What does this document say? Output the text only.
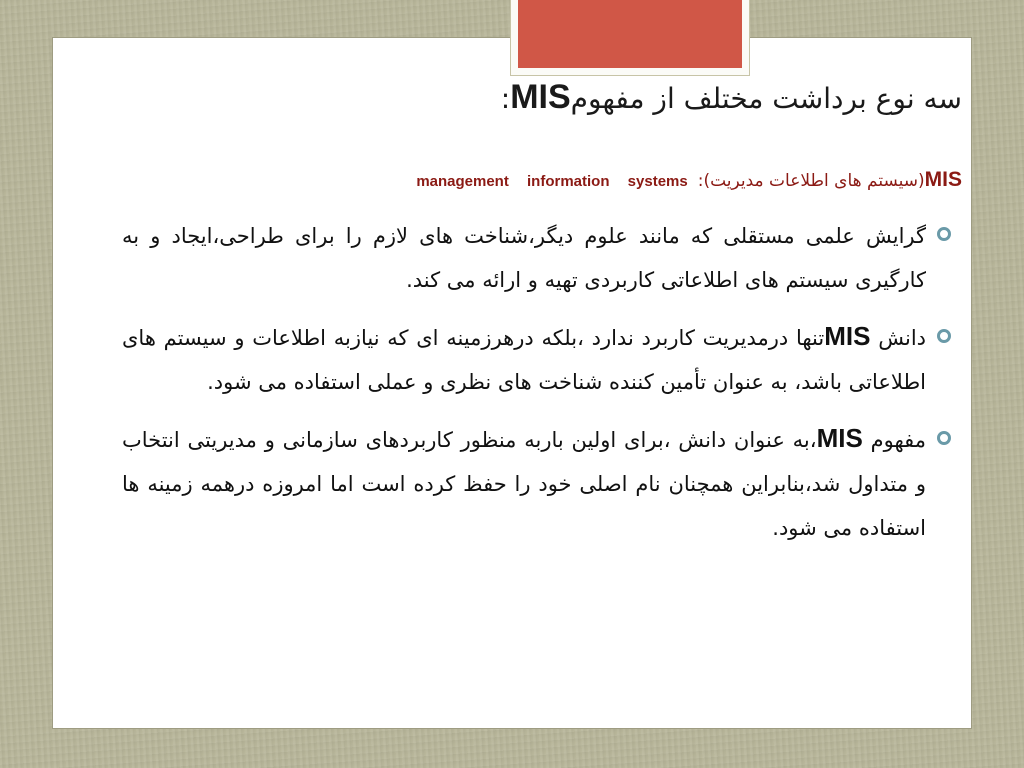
سه نوع برداشت مختلف از مفهومMIS:

MIS(سیستم های اطلاعات مدیریت):management information systems

گرایش علمی مستقلی که مانند علوم دیگر،شناخت های لازم را برای طراحی،ایجاد و به کارگیری سیستم های اطلاعاتی کاربردی تهیه و ارائه می کند.
دانش MISتنها درمدیریت کاربرد ندارد ،بلکه درهرزمینه ای که نیازبه اطلاعات و سیستم های اطلاعاتی باشد، به عنوان تأمین کننده شناخت های نظری و عملی استفاده می شود.
مفهوم MIS،به عنوان دانش ،برای اولین باربه منظور کاربردهای سازمانی و مدیریتی انتخاب و متداول شد،بنابراین همچنان نام اصلی خود را حفظ کرده است اما امروزه درهمه زمینه ها استفاده می شود.
